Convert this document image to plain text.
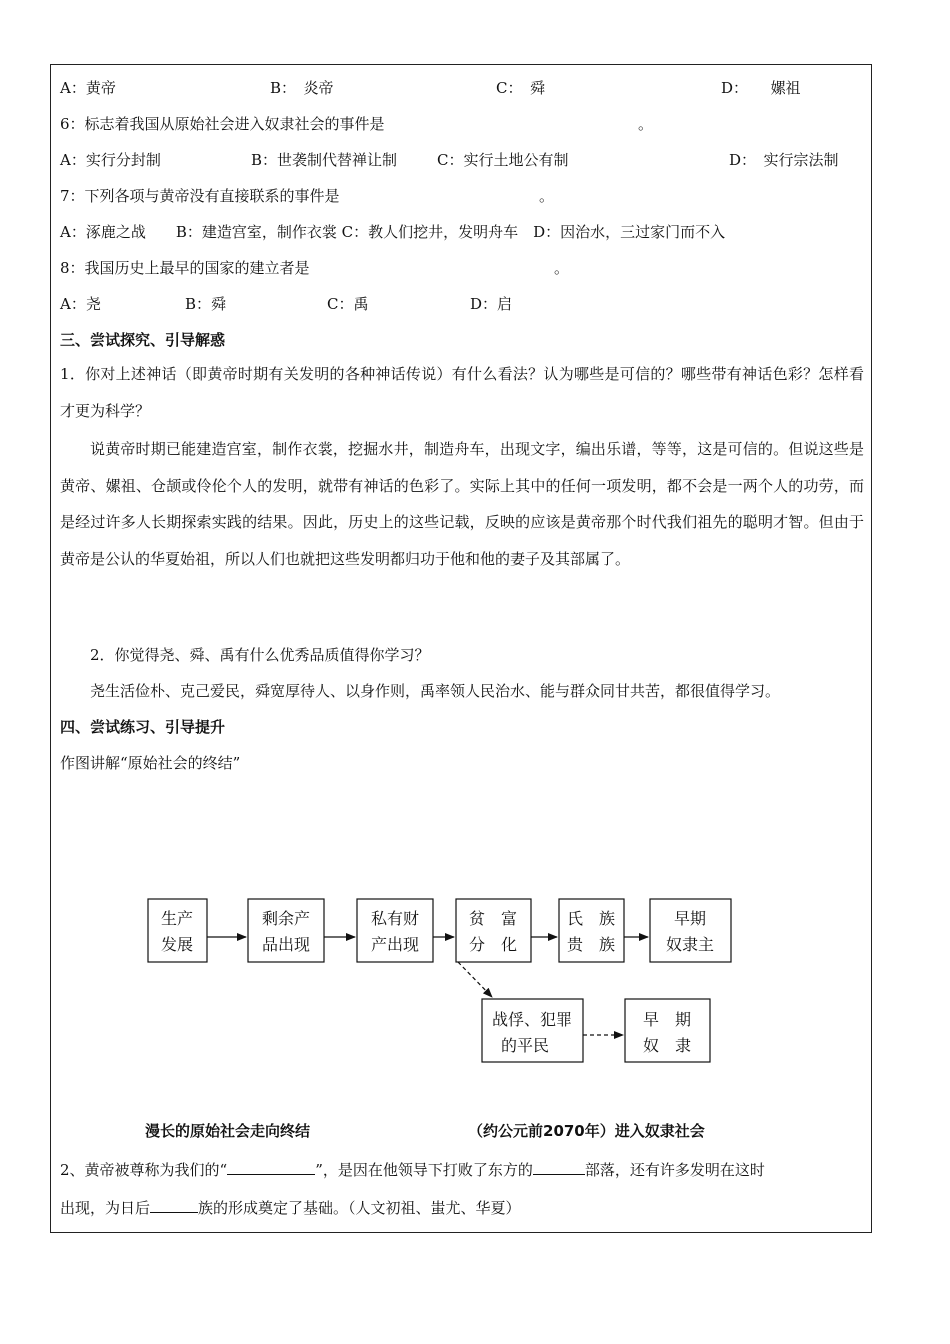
A：黄帝	B：　炎帝	C：　舜	D：　　嫘祖
6：标志着我国从原始社会进入奴隶社会的事件是	。
A：实行分封制	B：世袭制代替禅让制	C：实行土地公有制	D：　实行宗法制
7：下列各项与黄帝没有直接联系的事件是	。
A：涿鹿之战　　B：建造宫室，制作衣裳 C：教人们挖井，发明舟车　D：因治水，三过家门而不入
8：我国历史上最早的国家的建立者是	。
A：尧	B：舜	C：禹	D：启
三、尝试探究、引导解惑
1．你对上述神话（即黄帝时期有关发明的各种神话传说）有什么看法？认为哪些是可信的？哪些带有神话色彩？怎样看才更为科学？
说黄帝时期已能建造宫室，制作衣裳，挖掘水井，制造舟车，出现文字，编出乐谱，等等，这是可信的。但说这些是黄帝、嫘祖、仓颉或伶伦个人的发明，就带有神话的色彩了。实际上其中的任何一项发明，都不会是一两个人的功劳，而是经过许多人长期探索实践的结果。因此，历史上的这些记载，反映的应该是黄帝那个时代我们祖先的聪明才智。但由于黄帝是公认的华夏始祖，所以人们也就把这些发明都归功于他和他的妻子及其部属了。
2．你觉得尧、舜、禹有什么优秀品质值得你学习？
尧生活俭朴、克己爱民，舜宽厚待人、以身作则，禹率领人民治水、能与群众同甘共苦，都很值得学习。
四、尝试练习、引导提升
作图讲解“原始社会的终结”
生产
发展
剩余产
品出现
私有财
产出现
贫　富
分　化
氏　族
贵　族
早期
奴隶主
战俘、犯罪
的平民
早　期
奴　隶
漫长的原始社会走向终结	（约公元前2070年）进入奴隶社会
2、黄帝被尊称为我们的“	”，是因在他领导下打败了东方的	部落，还有许多发明在这时
出现，为日后	族的形成奠定了基础。（人文初祖、蚩尤、华夏）
